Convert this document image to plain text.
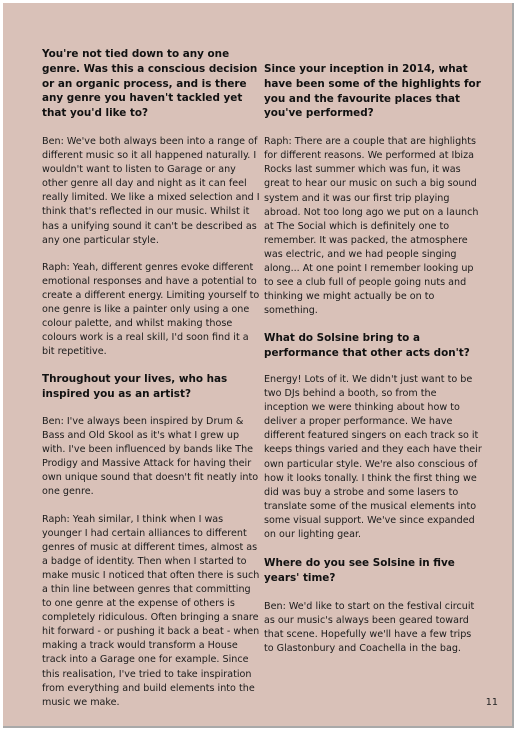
You're not tied down to any one genre. Was this a conscious decision or an organic process, and is there any genre you haven't tackled yet that you'd like to?

Ben: We've both always been into a range of different music so it all happened naturally. I wouldn't want to listen to Garage or any other genre all day and night as it can feel really limited. We like a mixed selection and I think that's reflected in our music. Whilst it has a unifying sound it can't be described as any one particular style.

Raph: Yeah, different genres evoke different emotional responses and have a potential to create a different energy. Limiting yourself to one genre is like a painter only using a one colour palette, and whilst making those colours work is a real skill, I'd soon find it a bit repetitive.

Throughout your lives, who has inspired you as an artist?

Ben: I've always been inspired by Drum & Bass and Old Skool as it's what I grew up with. I've been influenced by bands like The Prodigy and Massive Attack for having their own unique sound that doesn't fit neatly into one genre.

Raph: Yeah similar, I think when I was younger I had certain alliances to different genres of music at different times, almost as a badge of identity. Then when I started to make music I noticed that often there is such a thin line between genres that committing to one genre at the expense of others is completely ridiculous. Often bringing a snare hit forward - or pushing it back a beat - when making a track would transform a House track into a Garage one for example. Since this realisation, I've tried to take inspiration from everything and build elements into the music we make.

Since your inception in 2014, what have been some of the highlights for you and the favourite places that you've performed?

Raph: There are a couple that are highlights for different reasons. We performed at Ibiza Rocks last summer which was fun, it was great to hear our music on such a big sound system and it was our first trip playing abroad. Not too long ago we put on a launch at The Social which is definitely one to remember. It was packed, the atmosphere was electric, and we had people singing along... At one point I remember looking up to see a club full of people going nuts and thinking we might actually be on to something.

What do Solsine bring to a performance that other acts don't?

Energy! Lots of it. We didn't just want to be two DJs behind a booth, so from the inception we were thinking about how to deliver a proper performance. We have different featured singers on each track so it keeps things varied and they each have their own particular style. We're also conscious of how it looks tonally. I think the first thing we did was buy a strobe and some lasers to translate some of the musical elements into some visual support. We've since expanded on our lighting gear.

Where do you see Solsine in five years' time?

Ben: We'd like to start on the festival circuit as our music's always been geared toward that scene. Hopefully we'll have a few trips to Glastonbury and Coachella in the bag.

11
